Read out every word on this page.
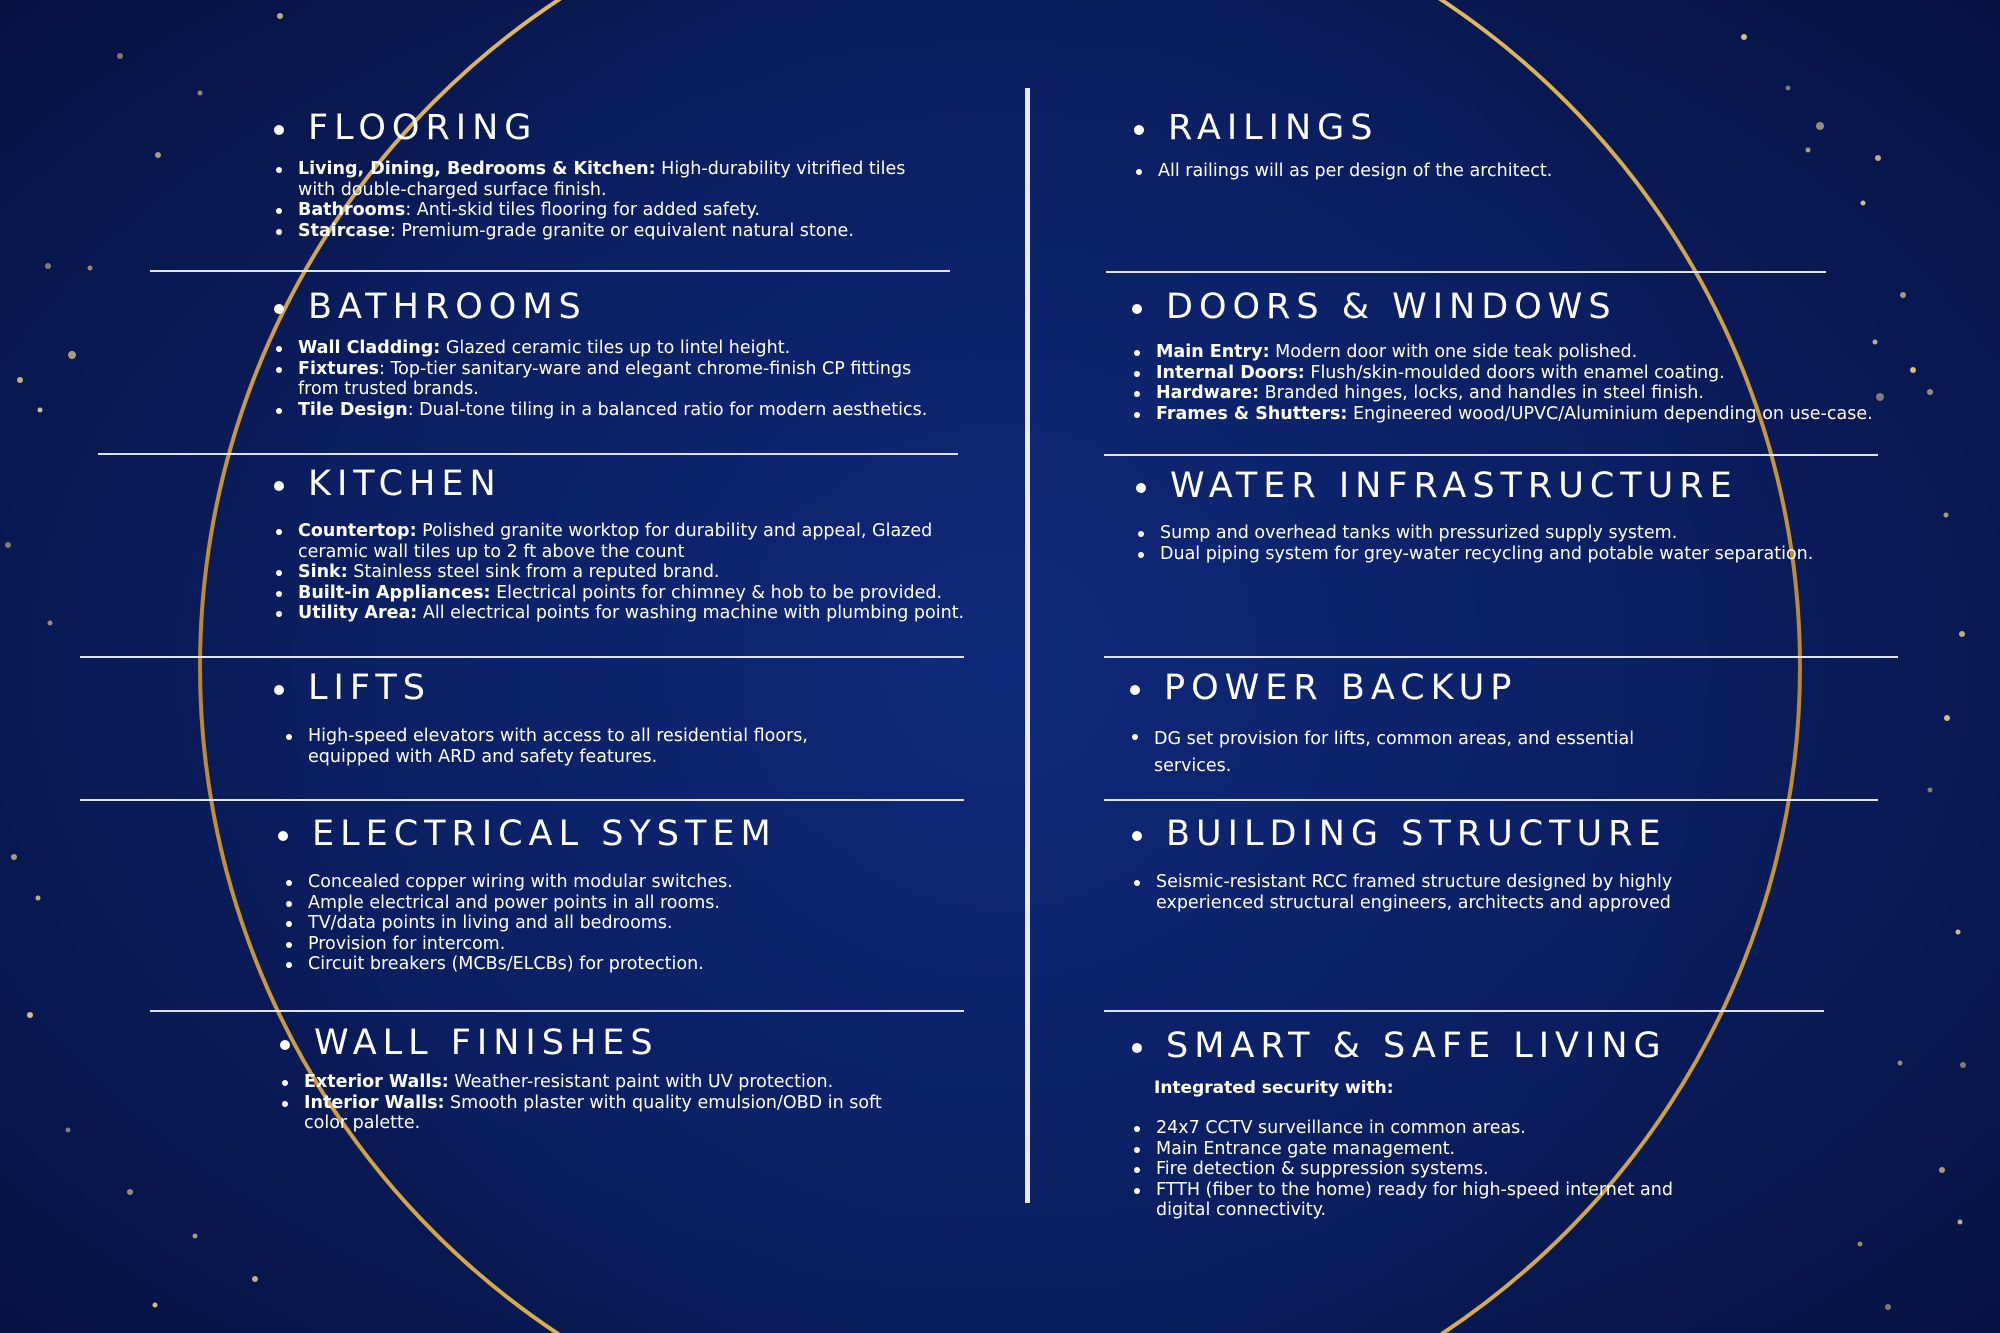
FLOORING
Living, Dining, Bedrooms & Kitchen: High-durability vitrified tiles
with double-charged surface finish.
Bathrooms: Anti-skid tiles flooring for added safety.
Staircase: Premium-grade granite or equivalent natural stone.
BATHROOMS
Wall Cladding: Glazed ceramic tiles up to lintel height.
Fixtures: Top-tier sanitary-ware and elegant chrome-finish CP fittings
from trusted brands.
Tile Design: Dual-tone tiling in a balanced ratio for modern aesthetics.
KITCHEN
Countertop: Polished granite worktop for durability and appeal, Glazed
ceramic wall tiles up to 2 ft above the count
Sink: Stainless steel sink from a reputed brand.
Built-in Appliances: Electrical points for chimney & hob to be provided.
Utility Area: All electrical points for washing machine with plumbing point.
LIFTS
High-speed elevators with access to all residential floors,
equipped with ARD and safety features.
ELECTRICAL SYSTEM
Concealed copper wiring with modular switches.
Ample electrical and power points in all rooms.
TV/data points in living and all bedrooms.
Provision for intercom.
Circuit breakers (MCBs/ELCBs) for protection.
WALL FINISHES
Exterior Walls: Weather-resistant paint with UV protection.
Interior Walls: Smooth plaster with quality emulsion/OBD in soft
color palette.
RAILINGS
All railings will as per design of the architect.
DOORS & WINDOWS
Main Entry: Modern door with one side teak polished.
Internal Doors: Flush/skin-moulded doors with enamel coating.
Hardware: Branded hinges, locks, and handles in steel finish.
Frames & Shutters: Engineered wood/UPVC/Aluminium depending on use-case.
WATER INFRASTRUCTURE
Sump and overhead tanks with pressurized supply system.
Dual piping system for grey-water recycling and potable water separation.
POWER BACKUP
DG set provision for lifts, common areas, and essential
services.
BUILDING STRUCTURE
Seismic-resistant RCC framed structure designed by highly
experienced structural engineers, architects and approved
SMART & SAFE LIVING
Integrated security with:
24x7 CCTV surveillance in common areas.
Main Entrance gate management.
Fire detection & suppression systems.
FTTH (fiber to the home) ready for high-speed internet and
digital connectivity.
